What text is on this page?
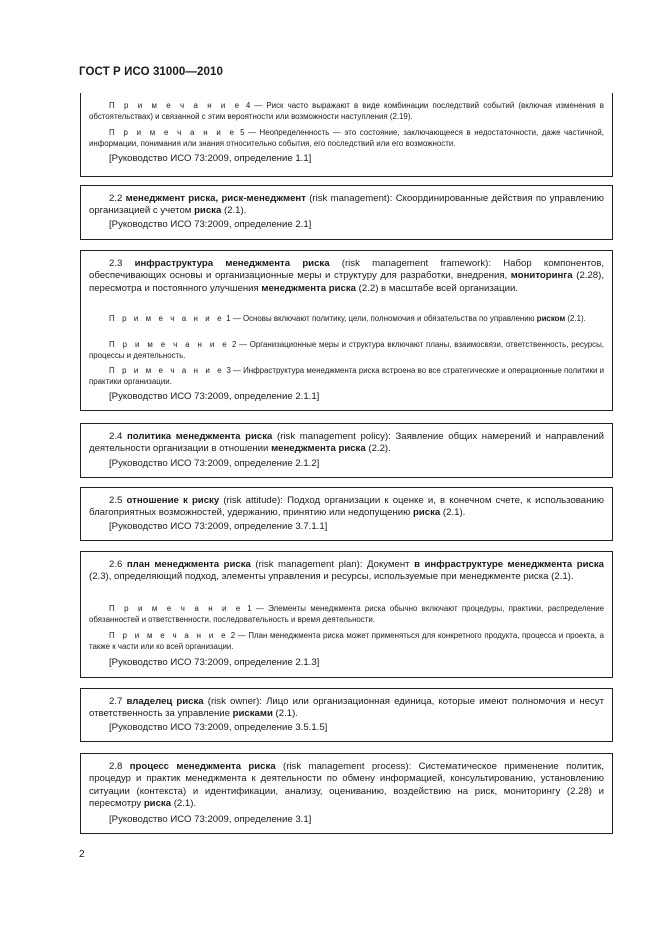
ГОСТ Р ИСО 31000—2010
П р и м е ч а н и е 4 — Риск часто выражают в виде комбинации последствий событий (включая изменения в обстоятельствах) и связанной с этим вероятности или возможности наступления (2.19).
П р и м е ч а н и е 5 — Неопределенность — это состояние, заключающееся в недостаточности, даже частичной, информации, понимания или знания относительно события, его последствий или его возможности.
[Руководство ИСО 73:2009, определение 1.1]
2.2 менеджмент риска, риск-менеджмент (risk management): Скоординированные действия по управлению организацией с учетом риска (2.1).
[Руководство ИСО 73:2009, определение 2.1]
2.3 инфраструктура менеджмента риска (risk management framework): Набор компонентов, обеспечивающих основы и организационные меры и структуру для разработки, внедрения, мониторинга (2.28), пересмотра и постоянного улучшения менеджмента риска (2.2) в масштабе всей организации.
П р и м е ч а н и е 1 — Основы включают политику, цели, полномочия и обязательства по управлению риском (2.1).
П р и м е ч а н и е 2 — Организационные меры и структура включают планы, взаимосвязи, ответственность, ресурсы, процессы и деятельность.
П р и м е ч а н и е 3 — Инфраструктура менеджмента риска встроена во все стратегические и операционные политики и практики организации.
[Руководство ИСО 73:2009, определение 2.1.1]
2.4 политика менеджмента риска (risk management policy): Заявление общих намерений и направлений деятельности организации в отношении менеджмента риска (2.2).
[Руководство ИСО 73:2009, определение 2.1.2]
2.5 отношение к риску (risk attitude): Подход организации к оценке и, в конечном счете, к использованию благоприятных возможностей, удержанию, принятию или недопущению риска (2.1).
[Руководство ИСО 73:2009, определение 3.7.1.1]
2.6 план менеджмента риска (risk management plan): Документ в инфраструктуре менеджмента риска (2.3), определяющий подход, элементы управления и ресурсы, используемые при менеджменте риска (2.1).
П р и м е ч а н и е 1 — Элементы менеджмента риска обычно включают процедуры, практики, распределение обязанностей и ответственности, последовательность и время деятельности.
П р и м е ч а н и е 2 — План менеджмента риска может применяться для конкретного продукта, процесса и проекта, а также к части или ко всей организации.
[Руководство ИСО 73:2009, определение 2.1.3]
2.7 владелец риска (risk owner): Лицо или организационная единица, которые имеют полномочия и несут ответственность за управление рисками (2.1).
[Руководство ИСО 73:2009, определение 3.5.1.5]
2.8 процесс менеджмента риска (risk management process): Систематическое применение политик, процедур и практик менеджмента к деятельности по обмену информацией, консультированию, установлению ситуации (контекста) и идентификации, анализу, оцениванию, воздействию на риск, мониторингу (2.28) и пересмотру риска (2.1).
[Руководство ИСО 73:2009, определение 3.1]
2
